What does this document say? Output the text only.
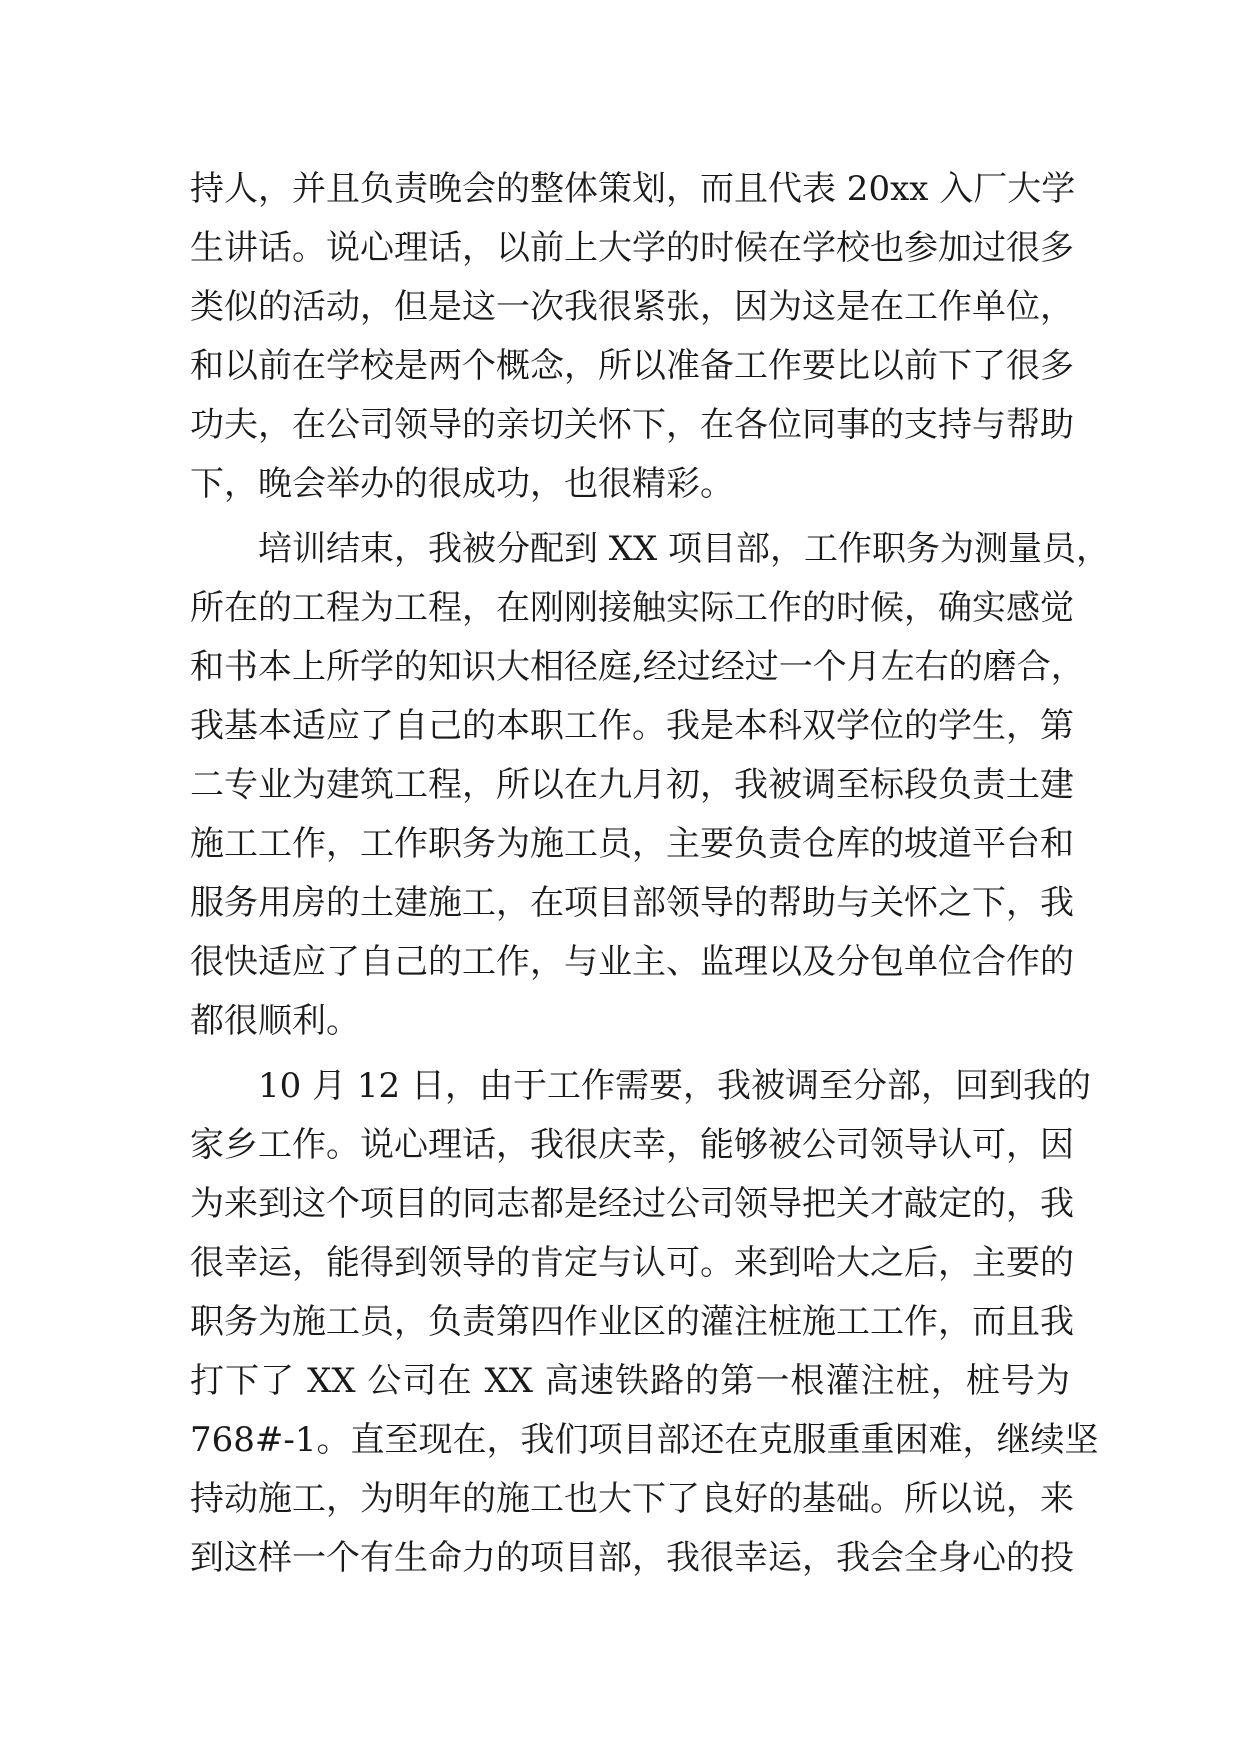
持人，并且负责晚会的整体策划，而且代表 20xx 入厂大学
生讲话。说心理话，以前上大学的时候在学校也参加过很多
类似的活动，但是这一次我很紧张，因为这是在工作单位，
和以前在学校是两个概念，所以准备工作要比以前下了很多
功夫，在公司领导的亲切关怀下，在各位同事的支持与帮助
下，晚会举办的很成功，也很精彩。
培训结束，我被分配到 XX 项目部，工作职务为测量员，
所在的工程为工程，在刚刚接触实际工作的时候，确实感觉
和书本上所学的知识大相径庭,经过经过一个月左右的磨合，
我基本适应了自己的本职工作。我是本科双学位的学生，第
二专业为建筑工程，所以在九月初，我被调至标段负责土建
施工工作，工作职务为施工员，主要负责仓库的坡道平台和
服务用房的土建施工，在项目部领导的帮助与关怀之下，我
很快适应了自己的工作，与业主、监理以及分包单位合作的
都很顺利。
10 月 12 日，由于工作需要，我被调至分部，回到我的
家乡工作。说心理话，我很庆幸，能够被公司领导认可，因
为来到这个项目的同志都是经过公司领导把关才敲定的，我
很幸运，能得到领导的肯定与认可。来到哈大之后，主要的
职务为施工员，负责第四作业区的灌注桩施工工作，而且我
打下了 XX 公司在 XX 高速铁路的第一根灌注桩，桩号为
768#-1。直至现在，我们项目部还在克服重重困难，继续坚
持动施工，为明年的施工也大下了良好的基础。所以说，来
到这样一个有生命力的项目部，我很幸运，我会全身心的投
